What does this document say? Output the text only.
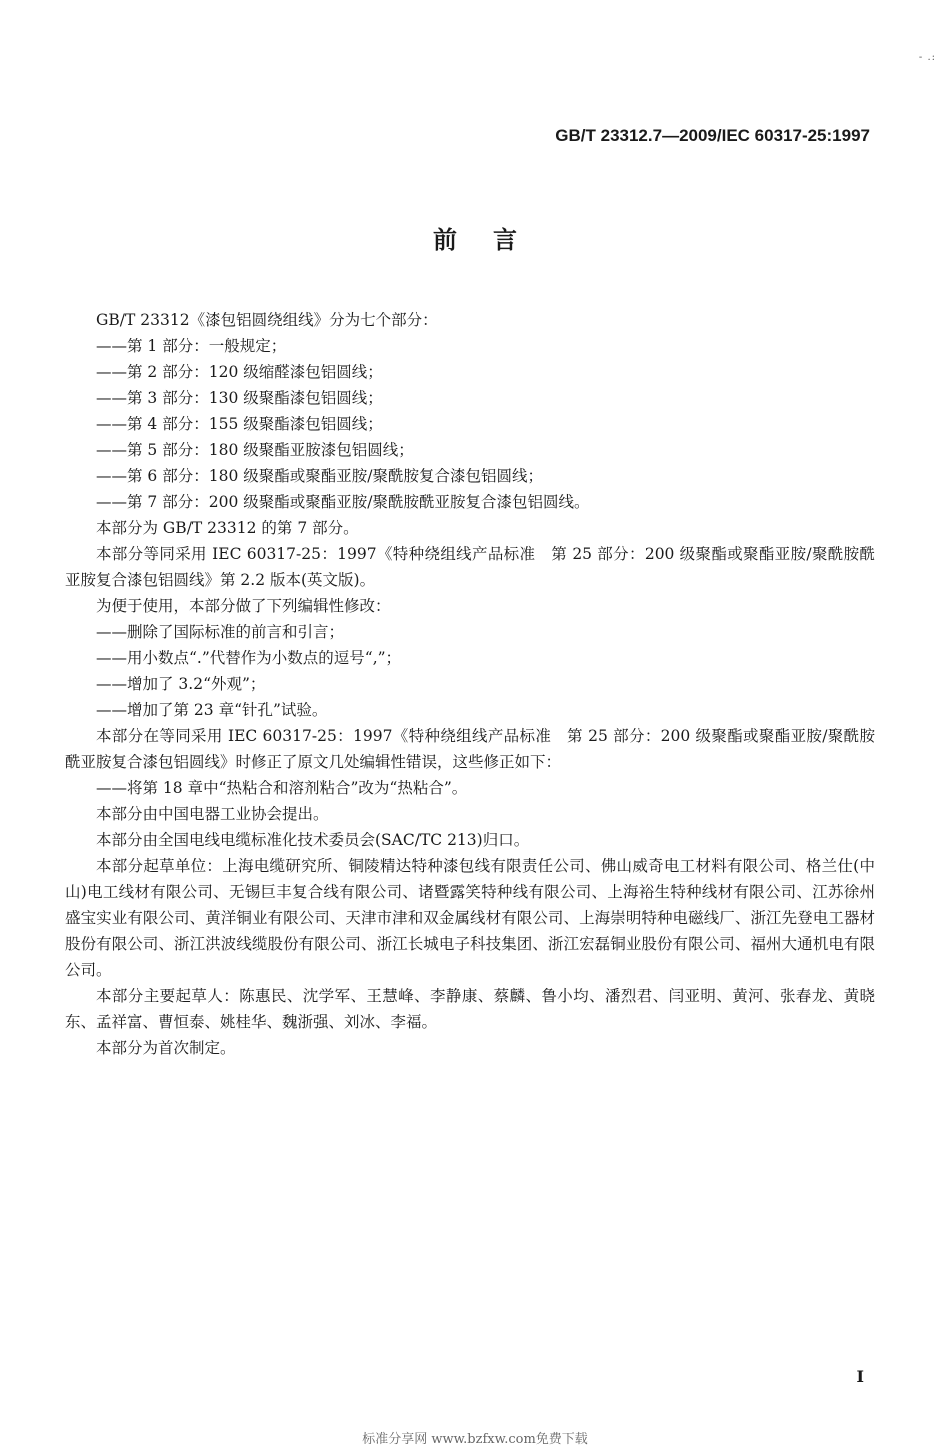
- .:
GB/T 23312.7—2009/IEC 60317-25:1997
前言

GB/T 23312《漆包铝圆绕组线》分为七个部分：

——第 1 部分：一般规定；

——第 2 部分：120 级缩醛漆包铝圆线；

——第 3 部分：130 级聚酯漆包铝圆线；

——第 4 部分：155 级聚酯漆包铝圆线；

——第 5 部分：180 级聚酯亚胺漆包铝圆线；

——第 6 部分：180 级聚酯或聚酯亚胺/聚酰胺复合漆包铝圆线；

——第 7 部分：200 级聚酯或聚酯亚胺/聚酰胺酰亚胺复合漆包铝圆线。

本部分为 GB/T 23312 的第 7 部分。

本部分等同采用 IEC 60317-25：1997《特种绕组线产品标准　第 25 部分：200 级聚酯或聚酯亚胺/聚酰胺酰亚胺复合漆包铝圆线》第 2.2 版本(英文版)。

为便于使用，本部分做了下列编辑性修改：

——删除了国际标准的前言和引言；

——用小数点“.”代替作为小数点的逗号“,”；

——增加了 3.2“外观”；

——增加了第 23 章“针孔”试验。

本部分在等同采用 IEC 60317-25：1997《特种绕组线产品标准　第 25 部分：200 级聚酯或聚酯亚胺/聚酰胺酰亚胺复合漆包铝圆线》时修正了原文几处编辑性错误，这些修正如下：

——将第 18 章中“热粘合和溶剂粘合”改为“热粘合”。

本部分由中国电器工业协会提出。

本部分由全国电线电缆标准化技术委员会(SAC/TC 213)归口。

本部分起草单位：上海电缆研究所、铜陵精达特种漆包线有限责任公司、佛山威奇电工材料有限公司、格兰仕(中山)电工线材有限公司、无锡巨丰复合线有限公司、诸暨露笑特种线有限公司、上海裕生特种线材有限公司、江苏徐州盛宝实业有限公司、黄洋铜业有限公司、天津市津和双金属线材有限公司、上海崇明特种电磁线厂、浙江先登电工器材股份有限公司、浙江洪波线缆股份有限公司、浙江长城电子科技集团、浙江宏磊铜业股份有限公司、福州大通机电有限公司。

本部分主要起草人：陈惠民、沈学军、王慧峰、李静康、蔡麟、鲁小均、潘烈君、闫亚明、黄河、张春龙、黄晓东、孟祥富、曹恒泰、姚桂华、魏浙强、刘冰、李福。

本部分为首次制定。

I
标准分享网 www.bzfxw.com免费下载
